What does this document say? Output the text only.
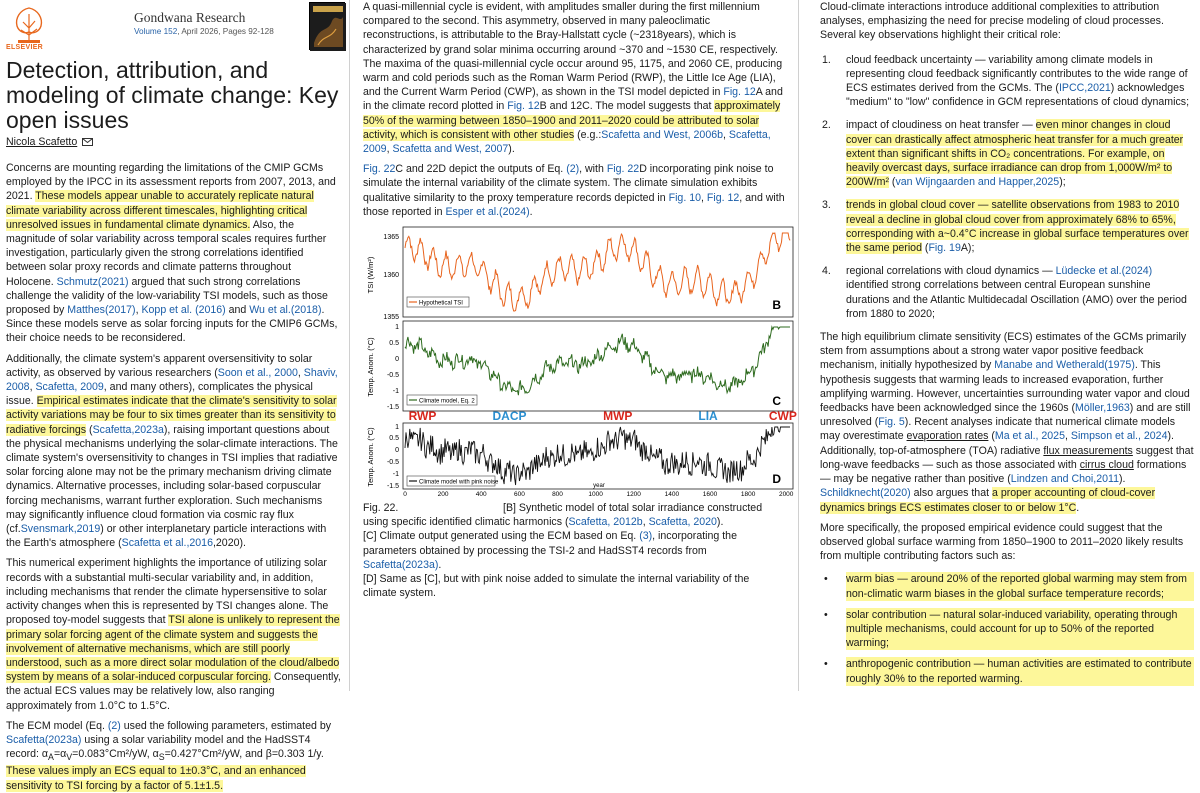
ELSEVIER
Gondwana Research
Volume 152, April 2026, Pages 92-128
Detection, attribution, and modeling of climate change: Key open issues
Nicola Scafetto

Concerns are mounting regarding the limitations of the CMIP GCMs employed by the IPCC in its assessment reports from 2007, 2013, and 2021. These models appear unable to accurately replicate natural climate variability across different timescales, highlighting critical unresolved issues in fundamental climate dynamics. Also, the magnitude of solar variability across temporal scales requires further investigation, particularly given the strong correlations identified between solar proxy records and climate patterns throughout Holocene. Schmutz(2021) argued that such strong correlations challenge the validity of the low-variability TSI models, such as those proposed by Matthes(2017), Kopp et al. (2016) and Wu et al.(2018). Since these models serve as solar forcing inputs for the CMIP6 GCMs, their choice needs to be reconsidered.

Additionally, the climate system's apparent oversensitivity to solar activity, as observed by various researchers (Soon et al., 2000, Shaviv, 2008, Scafetta, 2009, and many others), complicates the physical issue. Empirical estimates indicate that the climate's sensitivity to solar activity variations may be four to six times greater than its sensitivity to radiative forcings (Scafetta,2023a), raising important questions about the physical mechanisms underlying the solar-climate interactions. The climate system's oversensitivity to changes in TSI implies that radiative solar forcing alone may not be the primary mechanism driving climate dynamics. Alternative processes, including solar-based corpuscular forcing mechanisms, warrant further exploration. Such mechanisms may significantly influence cloud formation via cosmic ray flux (cf.Svensmark,2019) or other interplanetary particle interactions with the Earth's atmosphere (Scafetta et al.,2016,2020).

This numerical experiment highlights the importance of utilizing solar records with a substantial multi-secular variability and, in addition, including mechanisms that render the climate hypersensitive to solar activity changes when this is represented by TSI changes alone. The proposed toy-model suggests that TSI alone is unlikely to represent the primary solar forcing agent of the climate system and suggests the involvement of alternative mechanisms, which are still poorly understood, such as a more direct solar modulation of the cloud/albedo system by means of a solar-induced corpuscular forcing. Consequently, the actual ECS values may be relatively low, also ranging approximately from 1.0°C to 1.5°C.

The ECM model (Eq. (2) used the following parameters, estimated by Scafetta(2023a) using a solar variability model and the HadSST4 record: $\alpha_A=\alpha_V=0.083^\circ Cm^2/yW$, $\alpha_S=0.427^\circ Cm^2/yW$, and β=0.303 1/y. These values imply an ECS equal to 1±0.3°C, and an enhanced sensitivity to TSI forcing by a factor of 5.1±1.5.

A quasi-millennial cycle is evident, with amplitudes smaller during the first millennium compared to the second. This asymmetry, observed in many paleoclimatic reconstructions, is attributable to the Bray-Hallstatt cycle (~2318years), which is characterized by grand solar minima occurring around ~370 and ~1530 CE, respectively. The maxima of the quasi-millennial cycle occur around 95, 1175, and 2060 CE, producing warm and cold periods such as the Roman Warm Period (RWP), the Little Ice Age (LIA), and the Current Warm Period (CWP), as shown in the TSI model depicted in Fig. 12A and in the climate record plotted in Fig. 12B and 12C. The model suggests that approximately 50% of the warming between 1850–1900 and 2011–2020 could be attributed to solar activity, which is consistent with other studies (e.g.:Scafetta and West, 2006b, Scafetta, 2009, Scafetta and West, 2007).

Fig. 22C and 22D depict the outputs of Eq. (2), with Fig. 22D incorporating pink noise to simulate the internal variability of the climate system. The climate simulation exhibits qualitative similarity to the proxy temperature records depicted in Fig. 10, Fig. 12, and with those reported in Esper et al.(2024).

TSI (W/m²)
Temp. Anom. (°C)
Temp. Anom. (°C)
1365
1360
1355
1
0.5
0
-0.5
-1
-1.5
1
0.5
0
-0.5
-1
-1.5
Hypothetical TSI
Climate model, Eq. 2
Climate model with pink noise
B
C
D
RWP	DACP	MWP	LIA	CWP
0	200	400	600	800	1000	1200	1400	1600	1800	2000
year

Fig. 22.	[B] Synthetic model of total solar irradiance constructed using specific identified climatic harmonics (Scafetta, 2012b, Scafetta, 2020).

[C] Climate output generated using the ECM based on Eq. (3), incorporating the parameters obtained by processing the TSI-2 and HadSST4 records from Scafetta(2023a).

[D] Same as [C], but with pink noise added to simulate the internal variability of the climate system.

Cloud-climate interactions introduce additional complexities to attribution analyses, emphasizing the need for precise modeling of cloud processes. Several key observations highlight their critical role:

1.	cloud feedback uncertainty — variability among climate models in representing cloud feedback significantly contributes to the wide range of ECS estimates derived from the GCMs. The (IPCC,2021) acknowledges "medium" to "low" confidence in GCM representations of cloud dynamics;
2.	impact of cloudiness on heat transfer — even minor changes in cloud cover can drastically affect atmospheric heat transfer for a much greater extent than significant shifts in CO₂ concentrations. For example, on heavily overcast days, surface irradiance can drop from 1,000W/m² to 200W/m² (van Wijngaarden and Happer,2025);
3.	trends in global cloud cover — satellite observations from 1983 to 2010 reveal a decline in global cloud cover from approximately 68% to 65%, corresponding with a~0.4°C increase in global surface temperatures over the same period (Fig. 19A);
4.	regional correlations with cloud dynamics — Lüdecke et al.(2024) identified strong correlations between central European sunshine durations and the Atlantic Multidecadal Oscillation (AMO) over the period from 1880 to 2020;

The high equilibrium climate sensitivity (ECS) estimates of the GCMs primarily stem from assumptions about a strong water vapor positive feedback mechanism, initially hypothesized by Manabe and Wetherald(1975). This hypothesis suggests that warming leads to increased evaporation, further amplifying warming. However, uncertainties surrounding water vapor and cloud feedbacks have been acknowledged since the 1960s (Möller,1963) and are still unresolved (Fig. 5). Recent analyses indicate that numerical climate models may overestimate evaporation rates (Ma et al., 2025, Simpson et al., 2024). Additionally, top-of-atmosphere (TOA) radiative flux measurements suggest that long-wave feedbacks — such as those associated with cirrus cloud formations — may be negative rather than positive (Lindzen and Choi,2011). Schildknecht(2020) also argues that a proper accounting of cloud-cover dynamics brings ECS estimates closer to or below 1°C.

More specifically, the proposed empirical evidence could suggest that the observed global surface warming from 1850–1900 to 2011–2020 likely results from multiple contributing factors such as:

•	warm bias — around 20% of the reported global warming may stem from non-climatic warm biases in the global surface temperature records;
•	solar contribution — natural solar-induced variability, operating through multiple mechanisms, could account for up to 50% of the reported warming;
•	anthropogenic contribution — human activities are estimated to contribute roughly 30% to the reported warming.
